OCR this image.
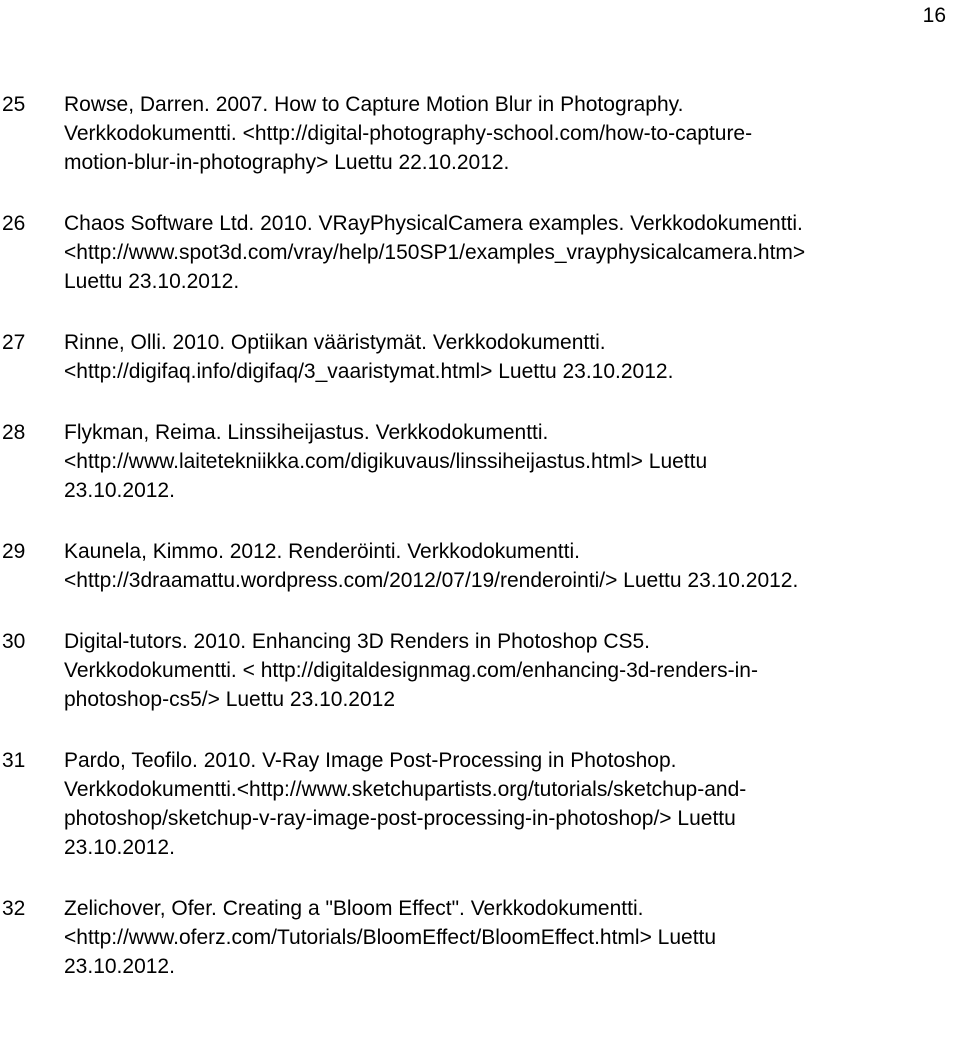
16
25 Rowse, Darren. 2007. How to Capture Motion Blur in Photography.
Verkkodokumentti. <http://digital-photography-school.com/how-to-capture-
motion-blur-in-photography> Luettu 22.10.2012.
26 Chaos Software Ltd. 2010. VRayPhysicalCamera examples. Verkkodokumentti.
<http://www.spot3d.com/vray/help/150SP1/examples_vrayphysicalcamera.htm>
Luettu 23.10.2012.
27 Rinne, Olli. 2010. Optiikan vääristymät. Verkkodokumentti.
<http://digifaq.info/digifaq/3_vaaristymat.html> Luettu 23.10.2012.
28 Flykman, Reima. Linssiheijastus. Verkkodokumentti.
<http://www.laitetekniikka.com/digikuvaus/linssiheijastus.html> Luettu
23.10.2012.
29 Kaunela, Kimmo. 2012. Renderöinti. Verkkodokumentti.
<http://3draamattu.wordpress.com/2012/07/19/renderointi/> Luettu 23.10.2012.
30 Digital-tutors. 2010. Enhancing 3D Renders in Photoshop CS5.
Verkkodokumentti. < http://digitaldesignmag.com/enhancing-3d-renders-in-
photoshop-cs5/> Luettu 23.10.2012
31 Pardo, Teofilo. 2010. V-Ray Image Post-Processing in Photoshop.
Verkkodokumentti.<http://www.sketchupartists.org/tutorials/sketchup-and-
photoshop/sketchup-v-ray-image-post-processing-in-photoshop/> Luettu
23.10.2012.
32 Zelichover, Ofer. Creating a "Bloom Effect". Verkkodokumentti.
<http://www.oferz.com/Tutorials/BloomEffect/BloomEffect.html> Luettu
23.10.2012.
